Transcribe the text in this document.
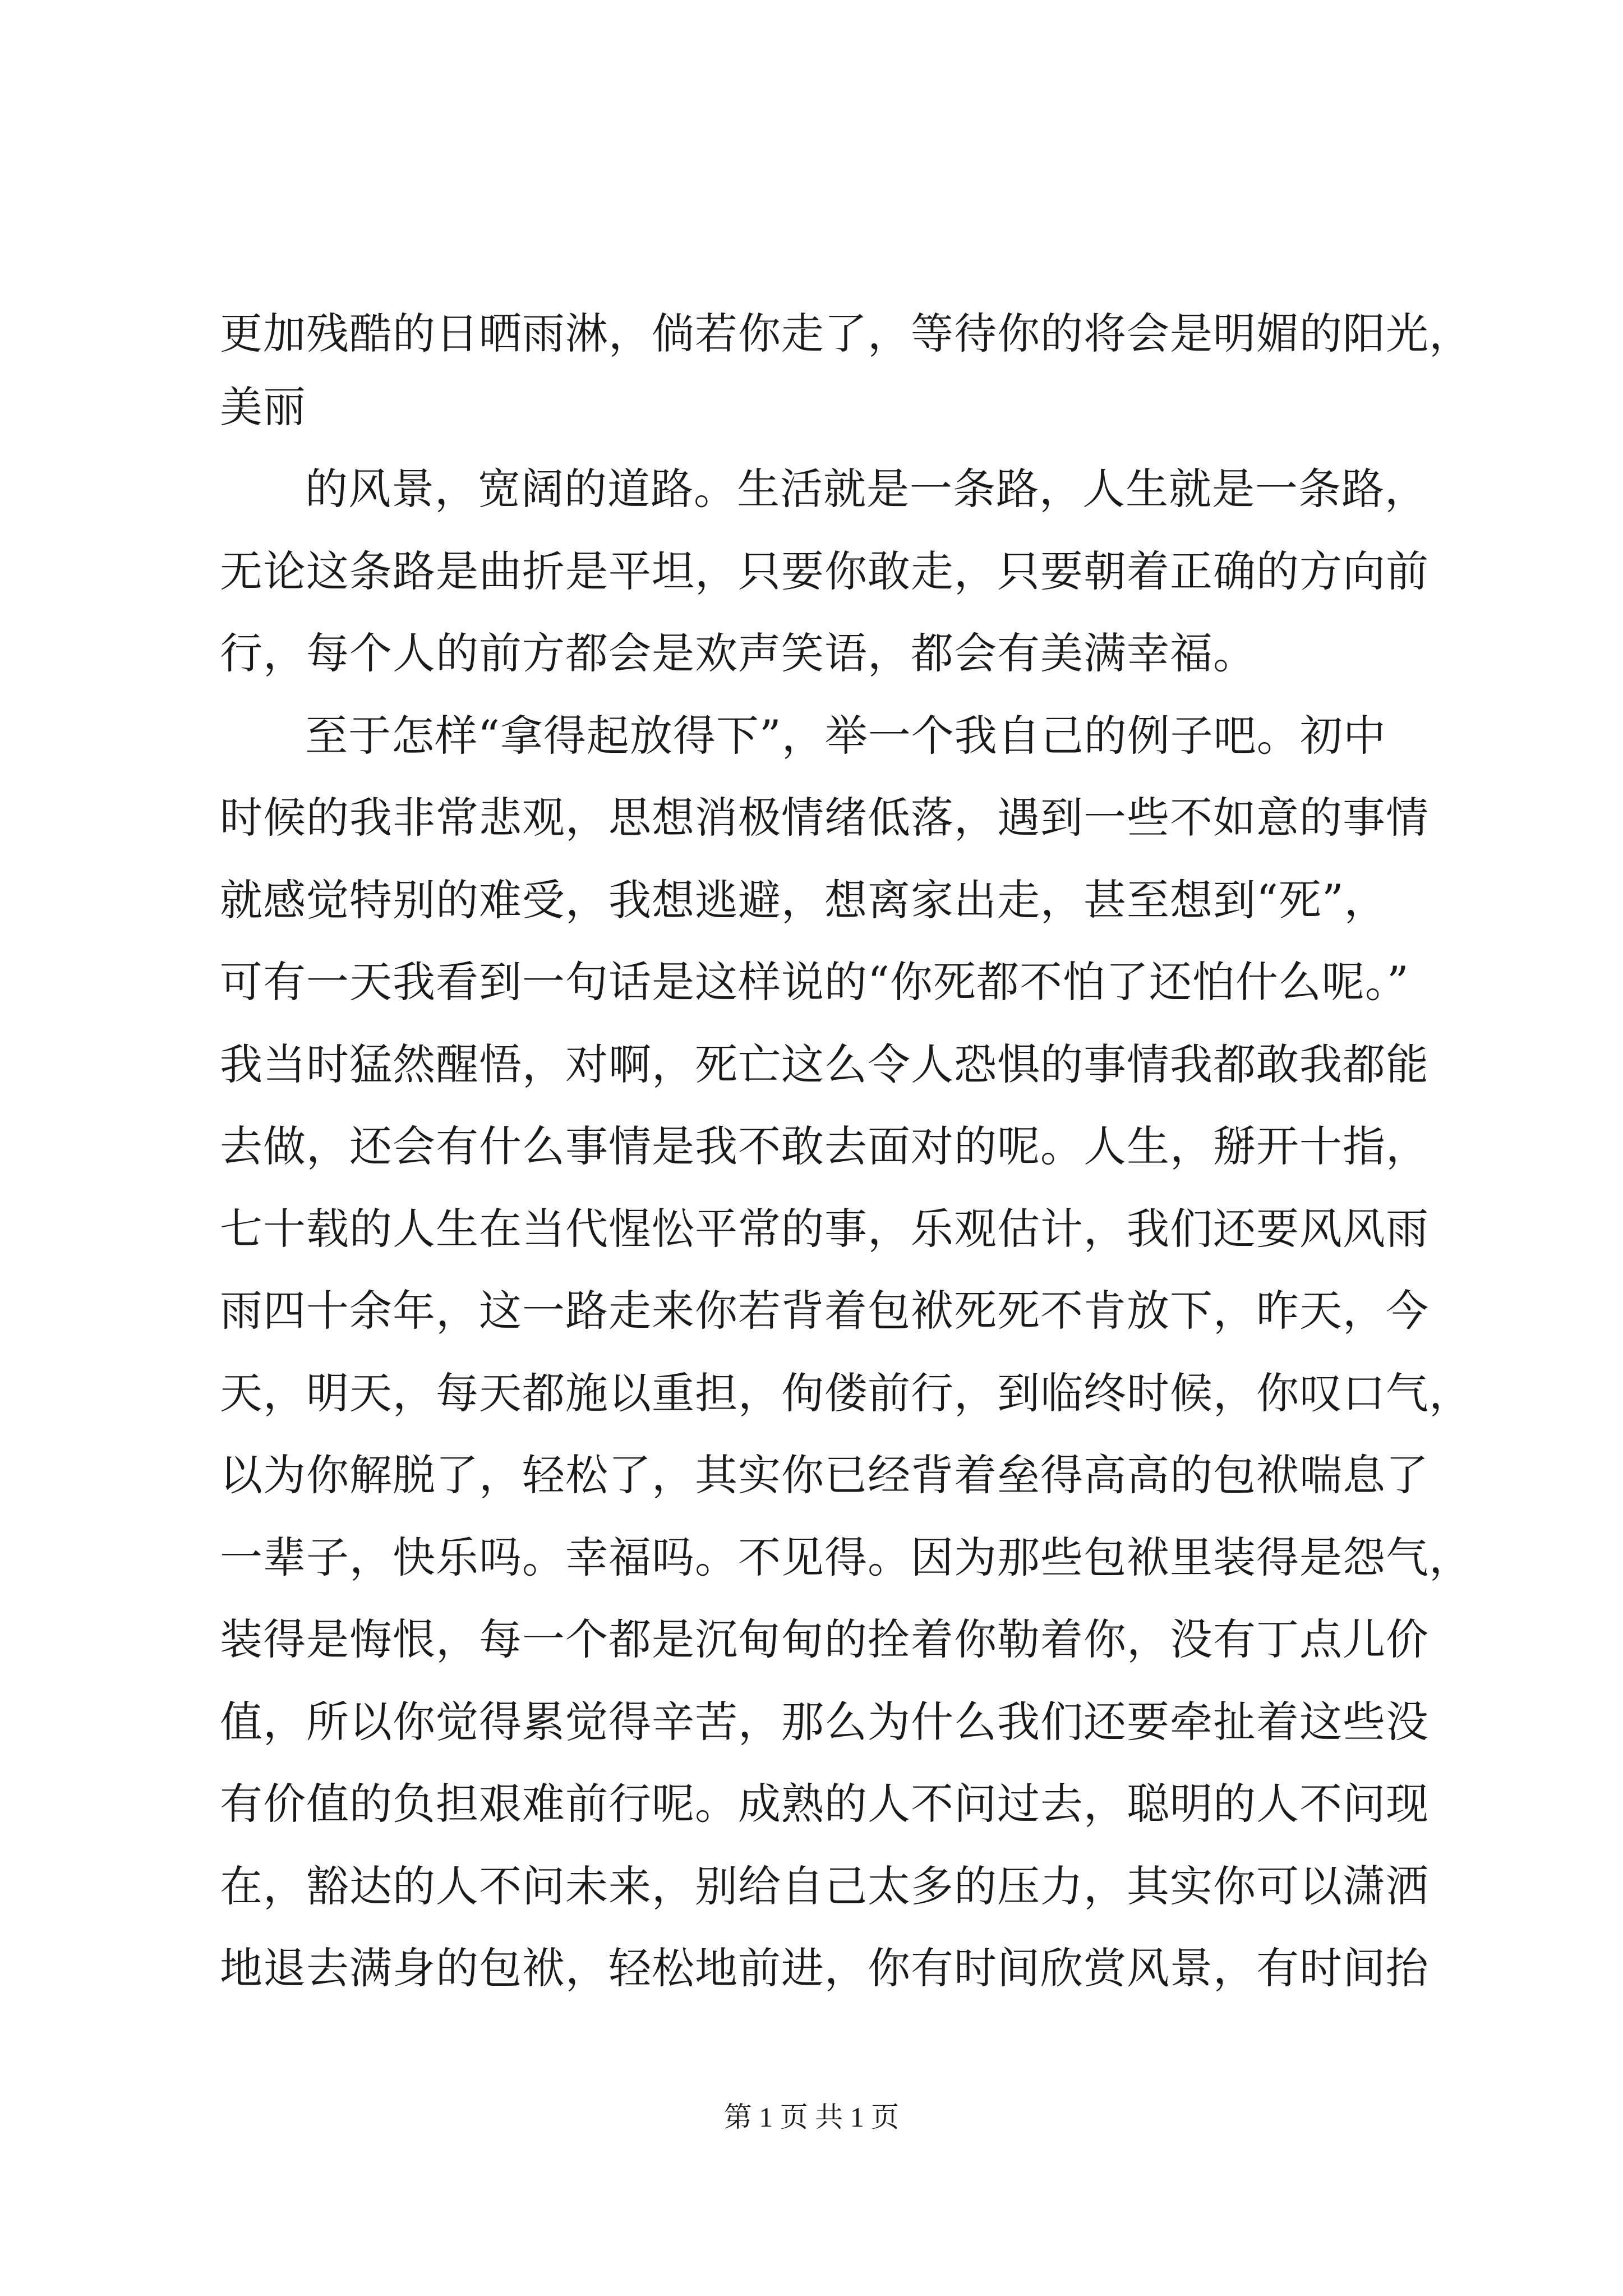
更加残酷的日晒雨淋，倘若你走了，等待你的将会是明媚的阳光，
美丽
的风景，宽阔的道路。生活就是一条路，人生就是一条路，
无论这条路是曲折是平坦，只要你敢走，只要朝着正确的方向前
行，每个人的前方都会是欢声笑语，都会有美满幸福。
至于怎样“拿得起放得下”，举一个我自己的例子吧。初中
时候的我非常悲观，思想消极情绪低落，遇到一些不如意的事情
就感觉特别的难受，我想逃避，想离家出走，甚至想到“死”，
可有一天我看到一句话是这样说的“你死都不怕了还怕什么呢。”
我当时猛然醒悟，对啊，死亡这么令人恐惧的事情我都敢我都能
去做，还会有什么事情是我不敢去面对的呢。人生，掰开十指，
七十载的人生在当代惺忪平常的事，乐观估计，我们还要风风雨
雨四十余年，这一路走来你若背着包袱死死不肯放下，昨天，今
天，明天，每天都施以重担，佝偻前行，到临终时候，你叹口气，
以为你解脱了，轻松了，其实你已经背着垒得高高的包袱喘息了
一辈子，快乐吗。幸福吗。不见得。因为那些包袱里装得是怨气，
装得是悔恨，每一个都是沉甸甸的拴着你勒着你，没有丁点儿价
值，所以你觉得累觉得辛苦，那么为什么我们还要牵扯着这些没
有价值的负担艰难前行呢。成熟的人不问过去，聪明的人不问现
在，豁达的人不问未来，别给自己太多的压力，其实你可以潇洒
地退去满身的包袱，轻松地前进，你有时间欣赏风景，有时间抬
第 1 页 共 1 页
